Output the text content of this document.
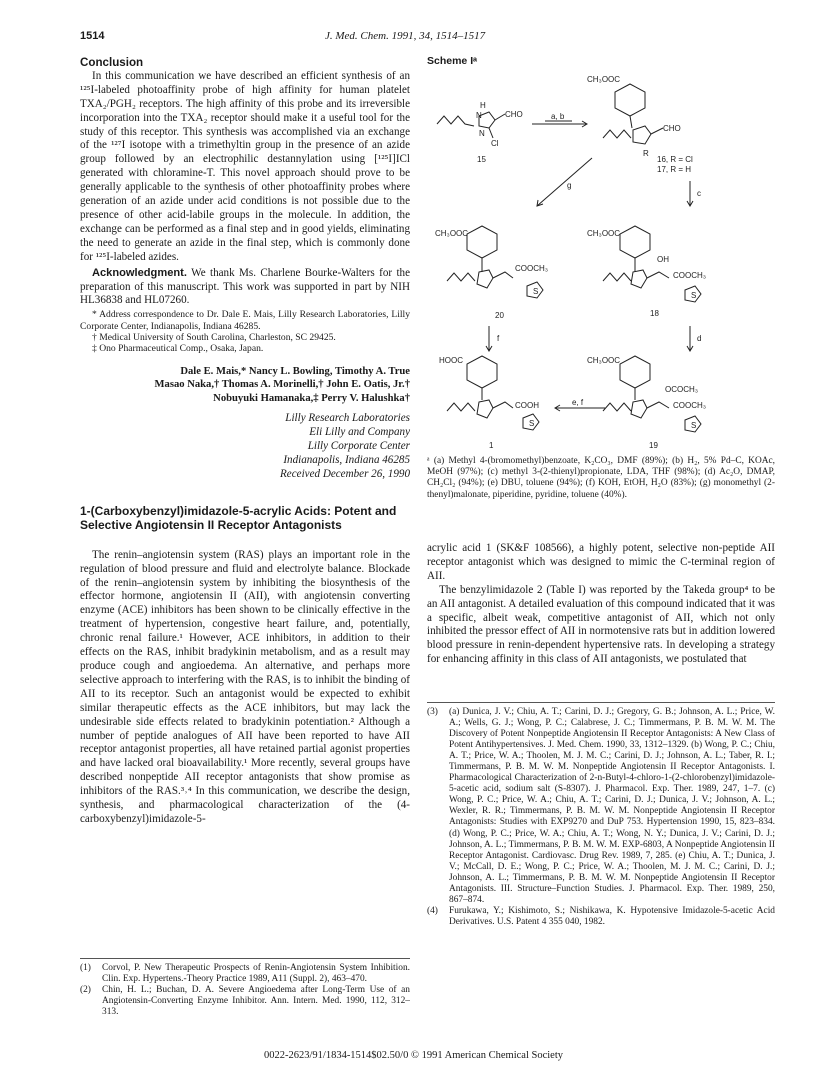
1514	J. Med. Chem. 1991, 34, 1514–1517
Conclusion

In this communication we have described an efficient synthesis of an ¹²⁵I-labeled photoaffinity probe of high affinity for human platelet TXA₂/PGH₂ receptors. The high affinity of this probe and its irreversible incorporation into the TXA₂ receptor should make it a useful tool for the study of this receptor. This synthesis was accomplished via an exchange of the ¹²⁷I isotope with a trimethyltin group in the presence of an azide group followed by an electrophilic destannylation using [¹²⁵I]ICl generated with chloramine-T. This novel approach should prove to be generally applicable to the synthesis of other photoaffinity probes where generation of an azide under acid conditions is not possible due to the presence of other acid-labile groups in the molecule. In addition, the exchange can be performed as a final step and in good yields, eliminating the need to generate an azide in the final step, which is commonly done for ¹²⁵I-labeled azides.

Acknowledgment. We thank Ms. Charlene Bourke-Walters for the preparation of this manuscript. This work was supported in part by NIH HL36838 and HL07260.

* Address correspondence to Dr. Dale E. Mais, Lilly Research Laboratories, Lilly Corporate Center, Indianapolis, Indiana 46285.

† Medical University of South Carolina, Charleston, SC 29425.

‡ Ono Pharmaceutical Comp., Osaka, Japan.

Dale E. Mais,* Nancy L. Bowling, Timothy A. True
Masao Naka,† Thomas A. Morinelli,† John E. Oatis, Jr.†
Nobuyuki Hamanaka,‡ Perry V. Halushka†
Lilly Research Laboratories
Eli Lilly and Company
Lilly Corporate Center
Indianapolis, Indiana 46285
Received December 26, 1990
1-(Carboxybenzyl)imidazole-5-acrylic Acids: Potent and Selective Angiotensin II Receptor Antagonists

The renin–angiotensin system (RAS) plays an important role in the regulation of blood pressure and fluid and electrolyte balance. Blockade of the renin–angiotensin system by inhibiting the biosynthesis of the effector hormone, angiotensin II (AII), with angiotensin converting enzyme (ACE) inhibitors has been shown to be clinically effective in the treatment of hypertension, congestive heart failure, and, potentially, chronic renal failure.¹ However, ACE inhibitors, in addition to their effects on the RAS, inhibit bradykinin metabolism, and as a result may produce cough and angioedema. An alternative, and perhaps more selective approach to interfering with the RAS, is to inhibit the binding of AII to its receptor. Such an antagonist would be expected to exhibit similar therapeutic effects as the ACE inhibitors, but may lack the undesirable side effects related to bradykinin potentiation.² Although a number of peptide analogues of AII have been reported to have AII receptor antagonist properties, all have retained partial agonist properties and have lacked oral bioavailability.¹ More recently, several groups have described nonpeptide AII receptor antagonists that show promise as inhibitors of the RAS.³˒⁴ In this communication, we describe the design, synthesis, and pharmacological characterization of the (4-carboxybenzyl)imidazole-5-

(1)	Corvol, P. New Therapeutic Prospects of Renin-Angiotensin System Inhibition. Clin. Exp. Hypertens.-Theory Practice 1989, A11 (Suppl. 2), 463–470.
(2)	Chin, H. L.; Buchan, D. A. Severe Angioedema after Long-Term Use of an Angiotensin-Converting Enzyme Inhibitor. Ann. Intern. Med. 1990, 112, 312–313.
Scheme Iᵃ
H
N
N
CHO
Cl
15
a, b
CH₃OOC
CHO
R
16, R = Cl
17, R = H
c
g
CH₃OOC
COOCH₃
S
20
CH₃OOC
OH
COOCH₃
S
18
f	d
HOOC
COOH
S
1
e, f
CH₃OOC
OCOCH₃
COOCH₃
S
19
ᵃ (a) Methyl 4-(bromomethyl)benzoate, K₂CO₃, DMF (89%); (b) H₂, 5% Pd–C, KOAc, MeOH (97%); (c) methyl 3-(2-thienyl)propionate, LDA, THF (98%); (d) Ac₂O, DMAP, CH₂Cl₂ (94%); (e) DBU, toluene (94%); (f) KOH, EtOH, H₂O (83%); (g) monomethyl (2-thenyl)malonate, piperidine, pyridine, toluene (40%).

acrylic acid 1 (SK&F 108566), a highly potent, selective non-peptide AII receptor antagonist which was designed to mimic the C-terminal region of AII.

The benzylimidazole 2 (Table I) was reported by the Takeda group⁴ to be an AII antagonist. A detailed evaluation of this compound indicated that it was a specific, albeit weak, competitive antagonist of AII, which not only inhibited the pressor effect of AII in normotensive rats but in addition lowered blood pressure in renin-dependent hypertensive rats. In developing a strategy for enhancing affinity in this class of AII antagonists, we postulated that

(3)	(a) Dunica, J. V.; Chiu, A. T.; Carini, D. J.; Gregory, G. B.; Johnson, A. L.; Price, W. A.; Wells, G. J.; Wong, P. C.; Calabrese, J. C.; Timmermans, P. B. M. W. M. The Discovery of Potent Nonpeptide Angiotensin II Receptor Antagonists: A New Class of Potent Antihypertensives. J. Med. Chem. 1990, 33, 1312–1329. (b) Wong, P. C.; Chiu, A. T.; Price, W. A.; Thoolen, M. J. M. C.; Carini, D. J.; Johnson, A. L.; Taber, R. I.; Timmermans, P. B. M. W. M. Nonpeptide Angiotensin II Receptor Antagonists. I. Pharmacological Characterization of 2-n-Butyl-4-chloro-1-(2-chlorobenzyl)imidazole-5-acetic acid, sodium salt (S-8307). J. Pharmacol. Exp. Ther. 1989, 247, 1–7. (c) Wong, P. C.; Price, W. A.; Chiu, A. T.; Carini, D. J.; Dunica, J. V.; Johnson, A. L.; Wexler, R. R.; Timmermans, P. B. M. W. M. Nonpeptide Angiotensin II Receptor Antagonists: Studies with EXP9270 and DuP 753. Hypertension 1990, 15, 823–834. (d) Wong, P. C.; Price, W. A.; Chiu, A. T.; Wong, N. Y.; Dunica, J. V.; Carini, D. J.; Johnson, A. L.; Timmermans, P. B. M. W. M. EXP-6803, A Nonpeptide Angiotensin II Receptor Antagonist. Cardiovasc. Drug Rev. 1989, 7, 285. (e) Chiu, A. T.; Dunica, J. V.; McCall, D. E.; Wong, P. C.; Price, W. A.; Thoolen, M. J. M. C.; Carini, D. J.; Johnson, A. L.; Timmermans, P. B. M. W. M. Nonpeptide Angiotensin II Receptor Antagonists. III. Structure–Function Studies. J. Pharmacol. Exp. Ther. 1989, 250, 867–874.
(4)	Furukawa, Y.; Kishimoto, S.; Nishikawa, K. Hypotensive Imidazole-5-acetic Acid Derivatives. U.S. Patent 4 355 040, 1982.
0022-2623/91/1834-1514$02.50/0 © 1991 American Chemical Society
